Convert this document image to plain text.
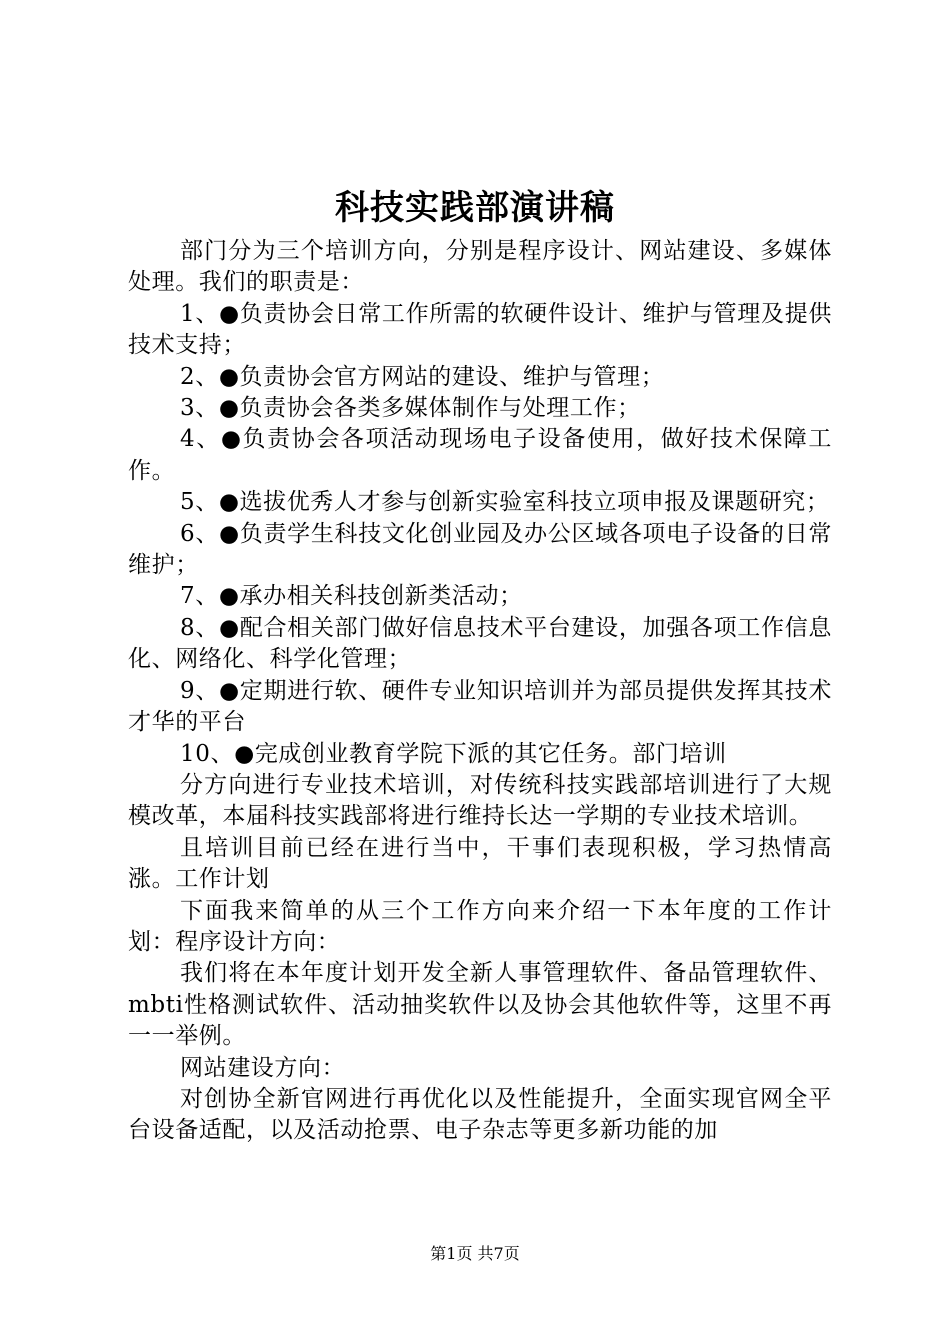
科技实践部演讲稿

部门分为三个培训方向，分别是程序设计、网站建设、多媒体处理。我们的职责是：

1、●负责协会日常工作所需的软硬件设计、维护与管理及提供技术支持；

2、●负责协会官方网站的建设、维护与管理；

3、●负责协会各类多媒体制作与处理工作；

4、●负责协会各项活动现场电子设备使用，做好技术保障工作。

5、●选拔优秀人才参与创新实验室科技立项申报及课题研究；

6、●负责学生科技文化创业园及办公区域各项电子设备的日常维护；

7、●承办相关科技创新类活动；

8、●配合相关部门做好信息技术平台建设，加强各项工作信息化、网络化、科学化管理；

9、●定期进行软、硬件专业知识培训并为部员提供发挥其技术才华的平台

10、●完成创业教育学院下派的其它任务。部门培训

分方向进行专业技术培训，对传统科技实践部培训进行了大规模改革，本届科技实践部将进行维持长达一学期的专业技术培训。

且培训目前已经在进行当中，干事们表现积极，学习热情高涨。工作计划

下面我来简单的从三个工作方向来介绍一下本年度的工作计划：程序设计方向：

我们将在本年度计划开发全新人事管理软件、备品管理软件、mbti性格测试软件、活动抽奖软件以及协会其他软件等，这里不再一一举例。

网站建设方向：

对创协全新官网进行再优化以及性能提升，全面实现官网全平台设备适配，以及活动抢票、电子杂志等更多新功能的加

第1页 共7页
